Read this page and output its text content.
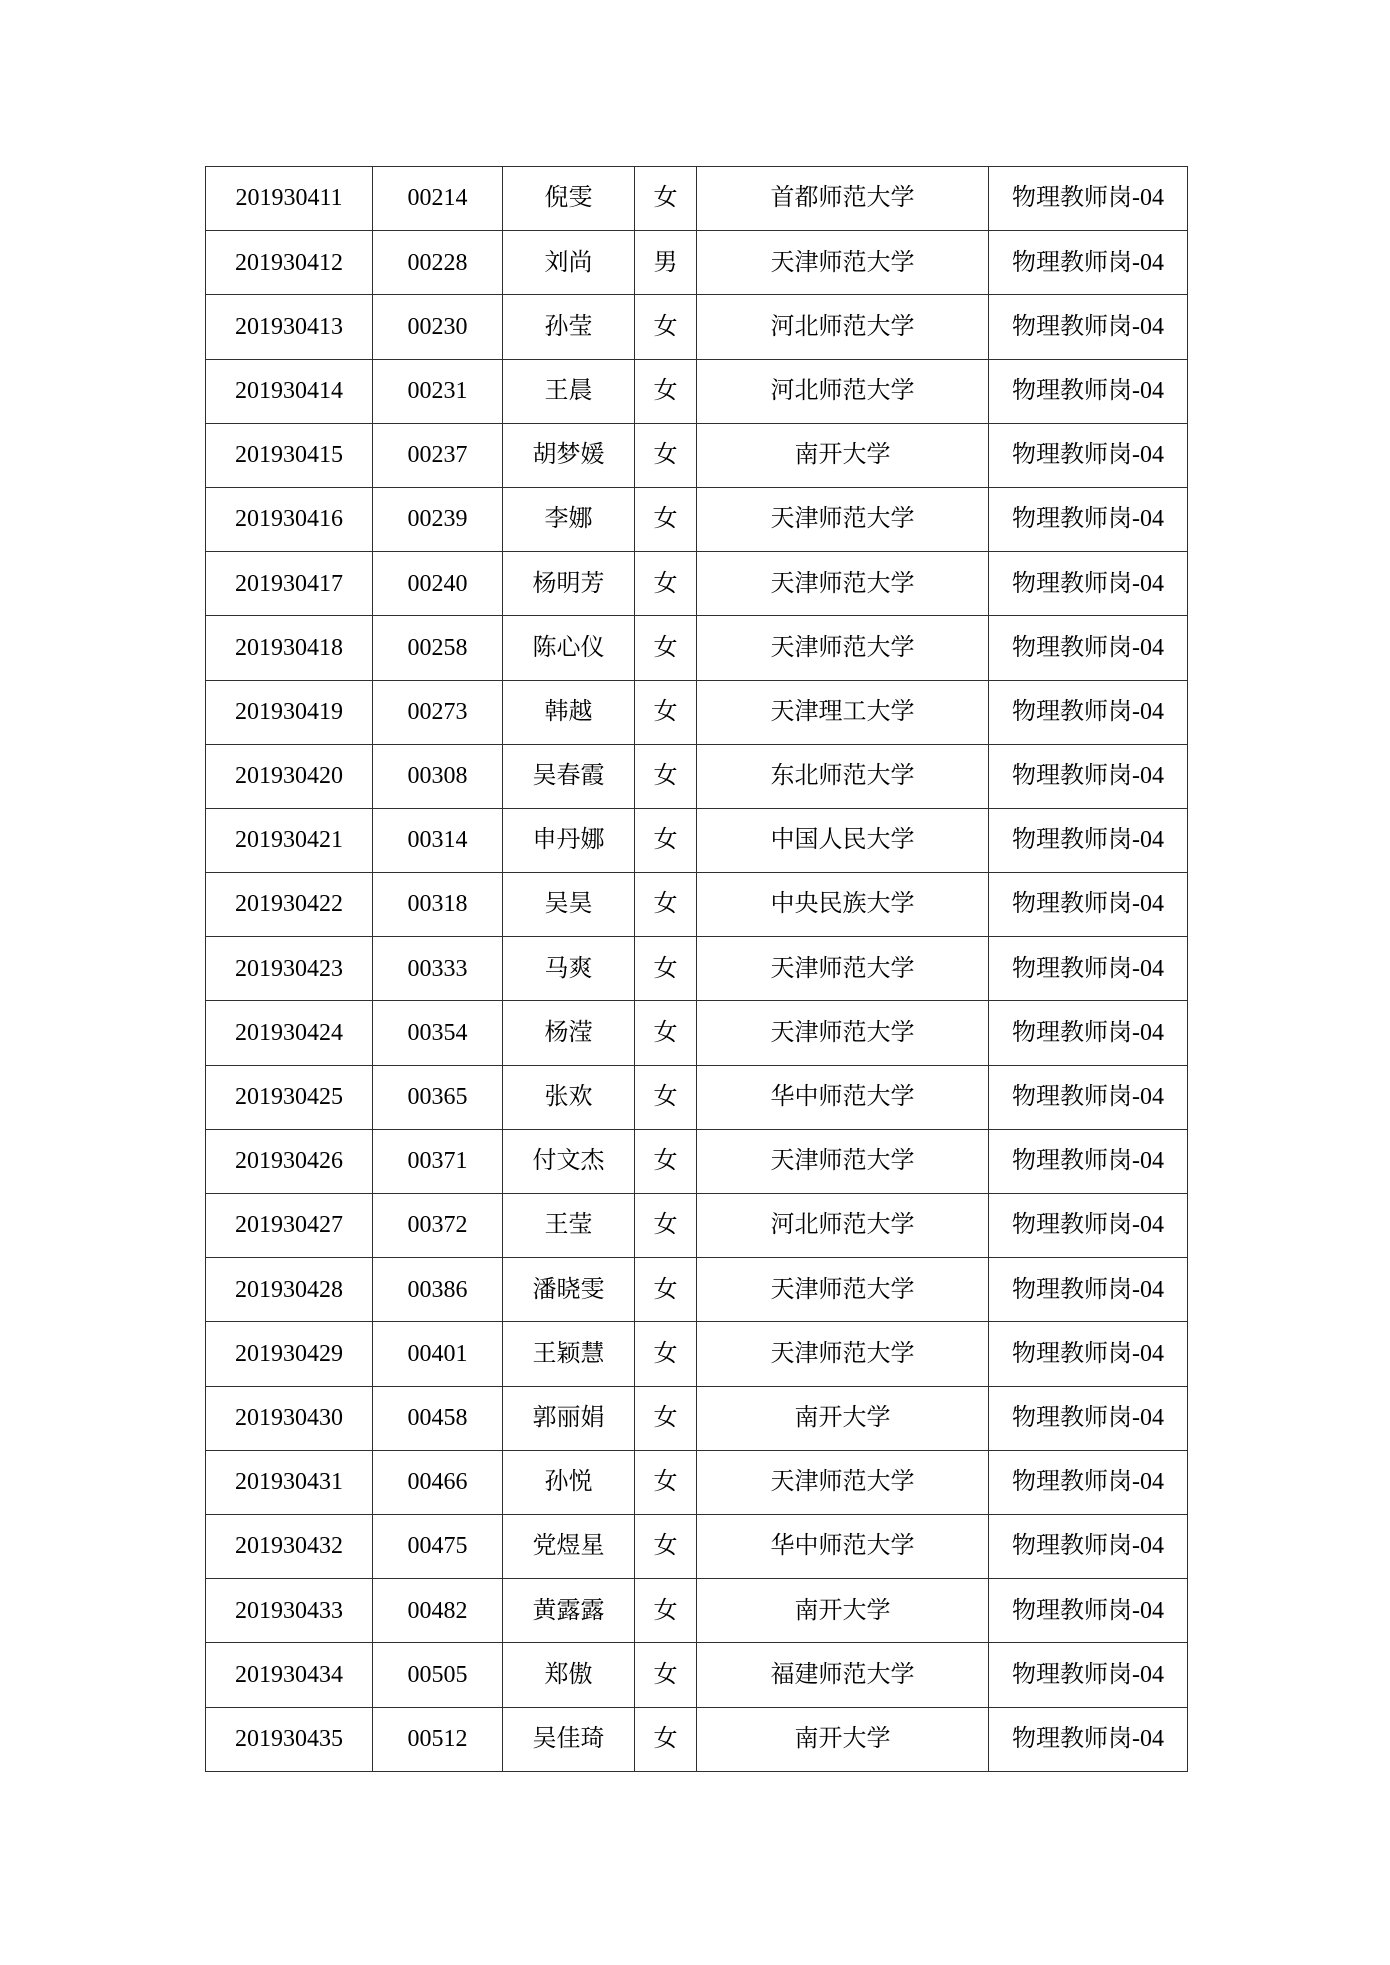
201930411	00214	倪雯	女	首都师范大学	物理教师岗-04
201930412	00228	刘尚	男	天津师范大学	物理教师岗-04
201930413	00230	孙莹	女	河北师范大学	物理教师岗-04
201930414	00231	王晨	女	河北师范大学	物理教师岗-04
201930415	00237	胡梦媛	女	南开大学	物理教师岗-04
201930416	00239	李娜	女	天津师范大学	物理教师岗-04
201930417	00240	杨明芳	女	天津师范大学	物理教师岗-04
201930418	00258	陈心仪	女	天津师范大学	物理教师岗-04
201930419	00273	韩越	女	天津理工大学	物理教师岗-04
201930420	00308	吴春霞	女	东北师范大学	物理教师岗-04
201930421	00314	申丹娜	女	中国人民大学	物理教师岗-04
201930422	00318	吴昊	女	中央民族大学	物理教师岗-04
201930423	00333	马爽	女	天津师范大学	物理教师岗-04
201930424	00354	杨滢	女	天津师范大学	物理教师岗-04
201930425	00365	张欢	女	华中师范大学	物理教师岗-04
201930426	00371	付文杰	女	天津师范大学	物理教师岗-04
201930427	00372	王莹	女	河北师范大学	物理教师岗-04
201930428	00386	潘晓雯	女	天津师范大学	物理教师岗-04
201930429	00401	王颖慧	女	天津师范大学	物理教师岗-04
201930430	00458	郭丽娟	女	南开大学	物理教师岗-04
201930431	00466	孙悦	女	天津师范大学	物理教师岗-04
201930432	00475	党煜星	女	华中师范大学	物理教师岗-04
201930433	00482	黄露露	女	南开大学	物理教师岗-04
201930434	00505	郑傲	女	福建师范大学	物理教师岗-04
201930435	00512	吴佳琦	女	南开大学	物理教师岗-04
